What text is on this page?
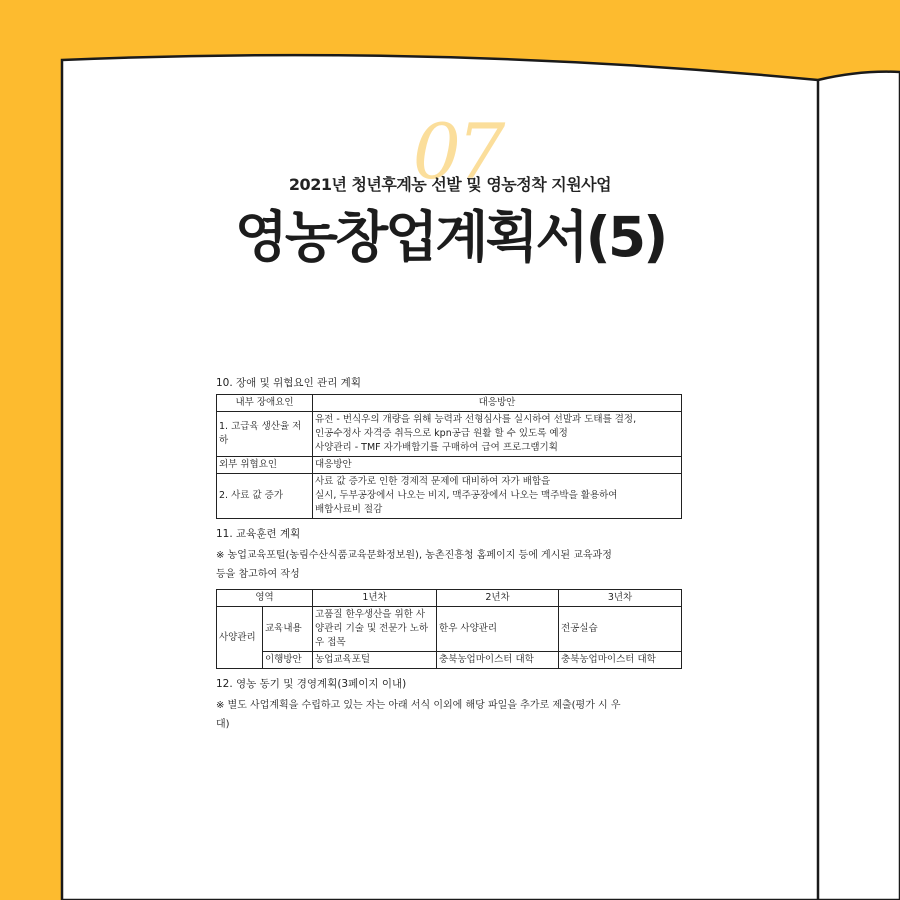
07
2021년 청년후계농 선발 및 영농정착 지원사업
영농창업계획서(5)

10. 장애 및 위협요인 관리 계획

내부 장애요인	대응방안
1. 고급육 생산율 저하	유전 - 번식우의 개량을 위해 능력과 선형심사를 실시하여 선발과 도태를 결정,
인공수정사 자격증 취득으로 kpn공급 원활 할 수 있도록 예정
사양관리 - TMF 자가배합기를 구매하여 급여 프로그램기획

외부 위협요인	대응방안
2. 사료 값 증가	사료 값 증가로 인한 경제적 문제에 대비하여 자가 배합을
실시, 두부공장에서 나오는 비지, 맥주공장에서 나오는 맥주박을 활용하여
배합사료비 절감

11. 교육훈련 계획

※ 농업교육포털(농림수산식품교육문화정보원), 농촌진흥청 홈페이지 등에 게시된 교육과정

등을 참고하여 작성

영역		1년차	2년차	3년차
사양관리	교육내용	고품질 한우생산을 위한 사양관리 기술 및 전문가 노하우 접목	한우 사양관리	전공실습
	이행방안	농업교육포털	충북농업마이스터 대학	충북농업마이스터 대학

12. 영농 동기 및 경영계획(3페이지 이내)

※ 별도 사업계획을 수립하고 있는 자는 아래 서식 이외에 해당 파일을 추가로 제출(평가 시 우

대)
